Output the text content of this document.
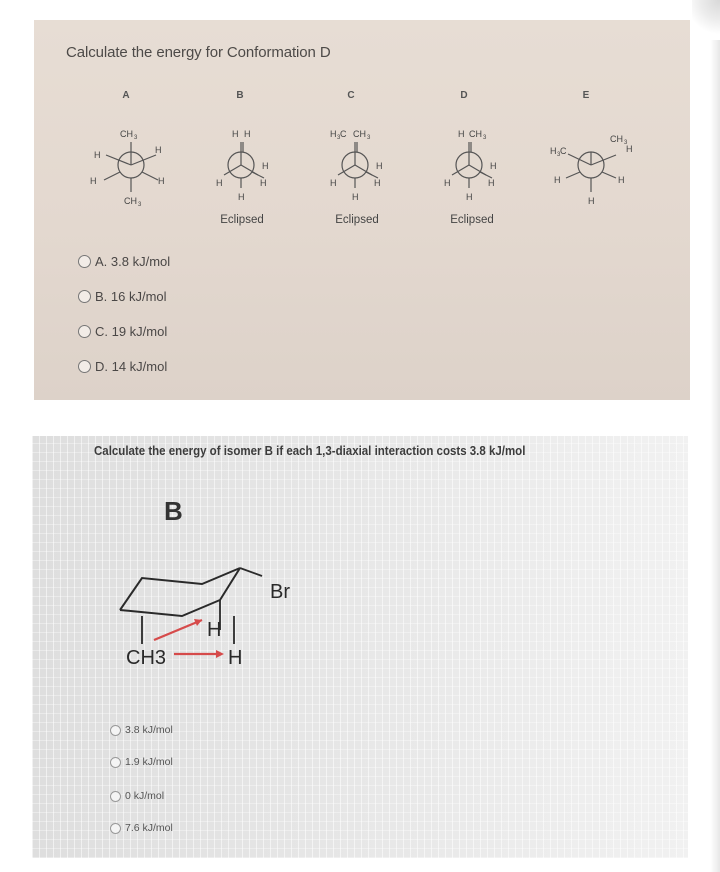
Calculate the energy for Conformation D
A	B	C	D	E
CH 3
H	H
H	H
CH 3
H H
H	H
H
H
H 3 C CH 3
H	H
H
H
H CH 3
H	H
H
H
H 3 C
CH 3
H
H	H
H
Eclipsed	Eclipsed	Eclipsed
A. 3.8 kJ/mol
B. 16 kJ/mol
C. 19 kJ/mol
D. 14 kJ/mol
Calculate the energy of isomer B if each 1,3-diaxial interaction costs 3.8 kJ/mol
B
Br
H
CH3	H
3.8 kJ/mol
1.9 kJ/mol
0 kJ/mol
7.6 kJ/mol
